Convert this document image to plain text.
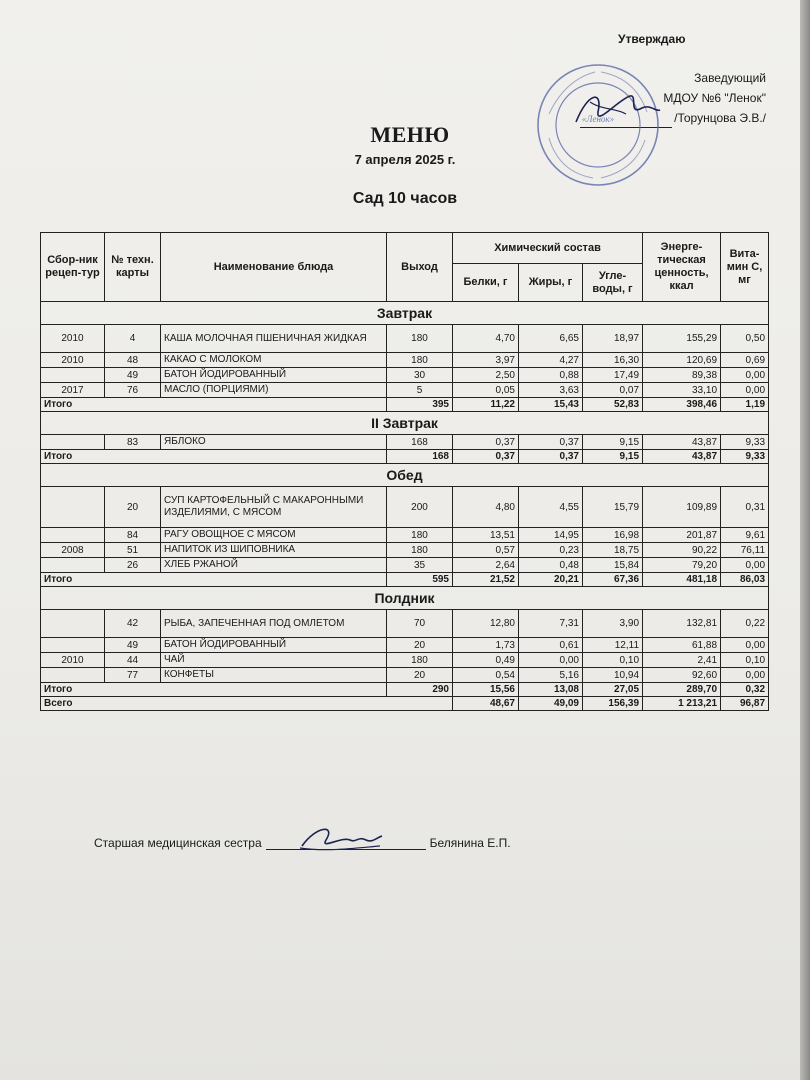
Утверждаю
Заведующий
МДОУ №6 "Ленок"
/Торунцова Э.В./
«Ленок»
МЕНЮ
7 апреля 2025 г.
Сад 10 часов
Сбор-ник рецеп-тур	№ техн. карты	Наименование блюда	Выход	Химический состав			Энерге-тическая ценность, ккал	Вита-мин С, мг
				Белки, г	Жиры, г	Угле-воды, г		
Завтрак								
2010	4	КАША МОЛОЧНАЯ ПШЕНИЧНАЯ ЖИДКАЯ	180	4,70	6,65	18,97	155,29	0,50
2010	48	КАКАО С МОЛОКОМ	180	3,97	4,27	16,30	120,69	0,69
	49	БАТОН ЙОДИРОВАННЫЙ	30	2,50	0,88	17,49	89,38	0,00
2017	76	МАСЛО (ПОРЦИЯМИ)	5	0,05	3,63	0,07	33,10	0,00
Итого			395	11,22	15,43	52,83	398,46	1,19
II Завтрак								
	83	ЯБЛОКО	168	0,37	0,37	9,15	43,87	9,33
Итого			168	0,37	0,37	9,15	43,87	9,33
Обед								
	20	СУП КАРТОФЕЛЬНЫЙ С МАКАРОННЫМИ ИЗДЕЛИЯМИ, С МЯСОМ	200	4,80	4,55	15,79	109,89	0,31
	84	РАГУ ОВОЩНОЕ С МЯСОМ	180	13,51	14,95	16,98	201,87	9,61
2008	51	НАПИТОК ИЗ ШИПОВНИКА	180	0,57	0,23	18,75	90,22	76,11
	26	ХЛЕБ РЖАНОЙ	35	2,64	0,48	15,84	79,20	0,00
Итого			595	21,52	20,21	67,36	481,18	86,03
Полдник								
	42	РЫБА, ЗАПЕЧЕННАЯ ПОД ОМЛЕТОМ	70	12,80	7,31	3,90	132,81	0,22
	49	БАТОН ЙОДИРОВАННЫЙ	20	1,73	0,61	12,11	61,88	0,00
2010	44	ЧАЙ	180	0,49	0,00	0,10	2,41	0,10
	77	КОНФЕТЫ	20	0,54	5,16	10,94	92,60	0,00
Итого			290	15,56	13,08	27,05	289,70	0,32
Всего				48,67	49,09	156,39	1 213,21	96,87
Старшая медицинская сестра	Белянина Е.П.
